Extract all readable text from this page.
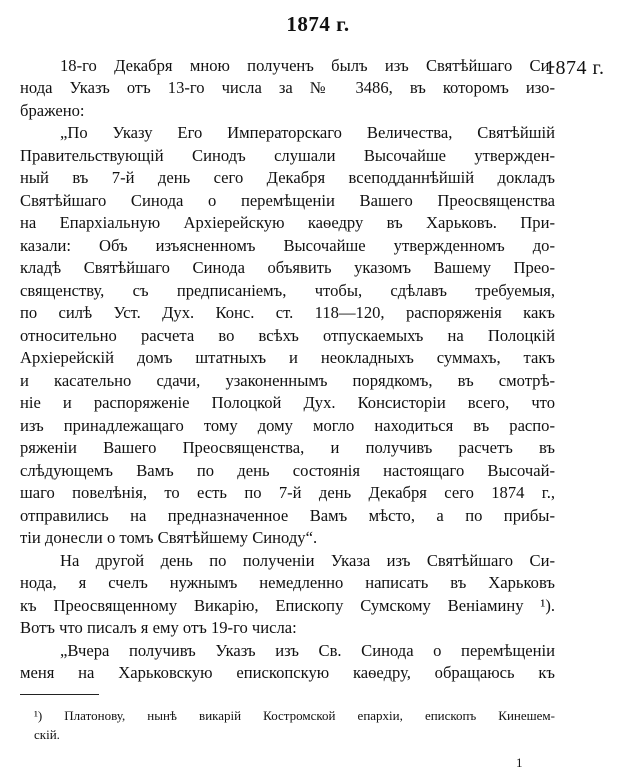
1874 г.
1874 г.
18-го Декабря мною полученъ былъ изъ Святѣйшаго Си-
нода Указъ отъ 13-го числа за № 3486, въ которомъ изо-
бражено:
„По Указу Его Императорскаго Величества, Святѣйшiй
Правительствующiй Синодъ слушали Высочайше утвержден-
ный въ 7-й день сего Декабря всеподданнѣйшiй докладъ
Святѣйшаго Синода о перемѣщенiи Вашего Преосвященства
на Епархiальную Архiерейскую каѳедру въ Харьковъ. При-
казали: Объ изъясненномъ Высочайше утвержденномъ до-
кладѣ Святѣйшаго Синода объявить указомъ Вашему Прео-
священству, съ предписанiемъ, чтобы, сдѣлавъ требуемыя,
по силѣ Уст. Дух. Конс. ст. 118—120, распоряженiя какъ
относительно расчета во всѣхъ отпускаемыхъ на Полоцкiй
Архiерейскiй домъ штатныхъ и неокладныхъ суммахъ, такъ
и касательно сдачи, узаконеннымъ порядкомъ, въ смотрѣ-
нiе и распоряженiе Полоцкой Дух. Консисторiи всего, что
изъ принадлежащаго тому дому могло находиться въ распо-
ряженiи Вашего Преосвященства, и получивъ расчетъ въ
слѣдующемъ Вамъ по день состоянiя настоящаго Высочай-
шаго повелѣнiя, то есть по 7-й день Декабря сего 1874 г.,
отправились на предназначенное Вамъ мѣсто, а по прибы-
тiи донесли о томъ Святѣйшему Синоду“.
На другой день по полученiи Указа изъ Святѣйшаго Си-
нода, я счелъ нужнымъ немедленно написать въ Харьковъ
къ Преосвященному Викарiю, Епископу Сумскому Венiамину ¹).
Вотъ что писалъ я ему отъ 19-го числа:
„Вчера получивъ Указъ изъ Св. Синода о перемѣщенiи
меня на Харьковскую епископскую каѳедру, обращаюсь къ
¹) Платонову, нынѣ викарiй Костромской епархiи, епископъ Кинешем-
скiй.
1
